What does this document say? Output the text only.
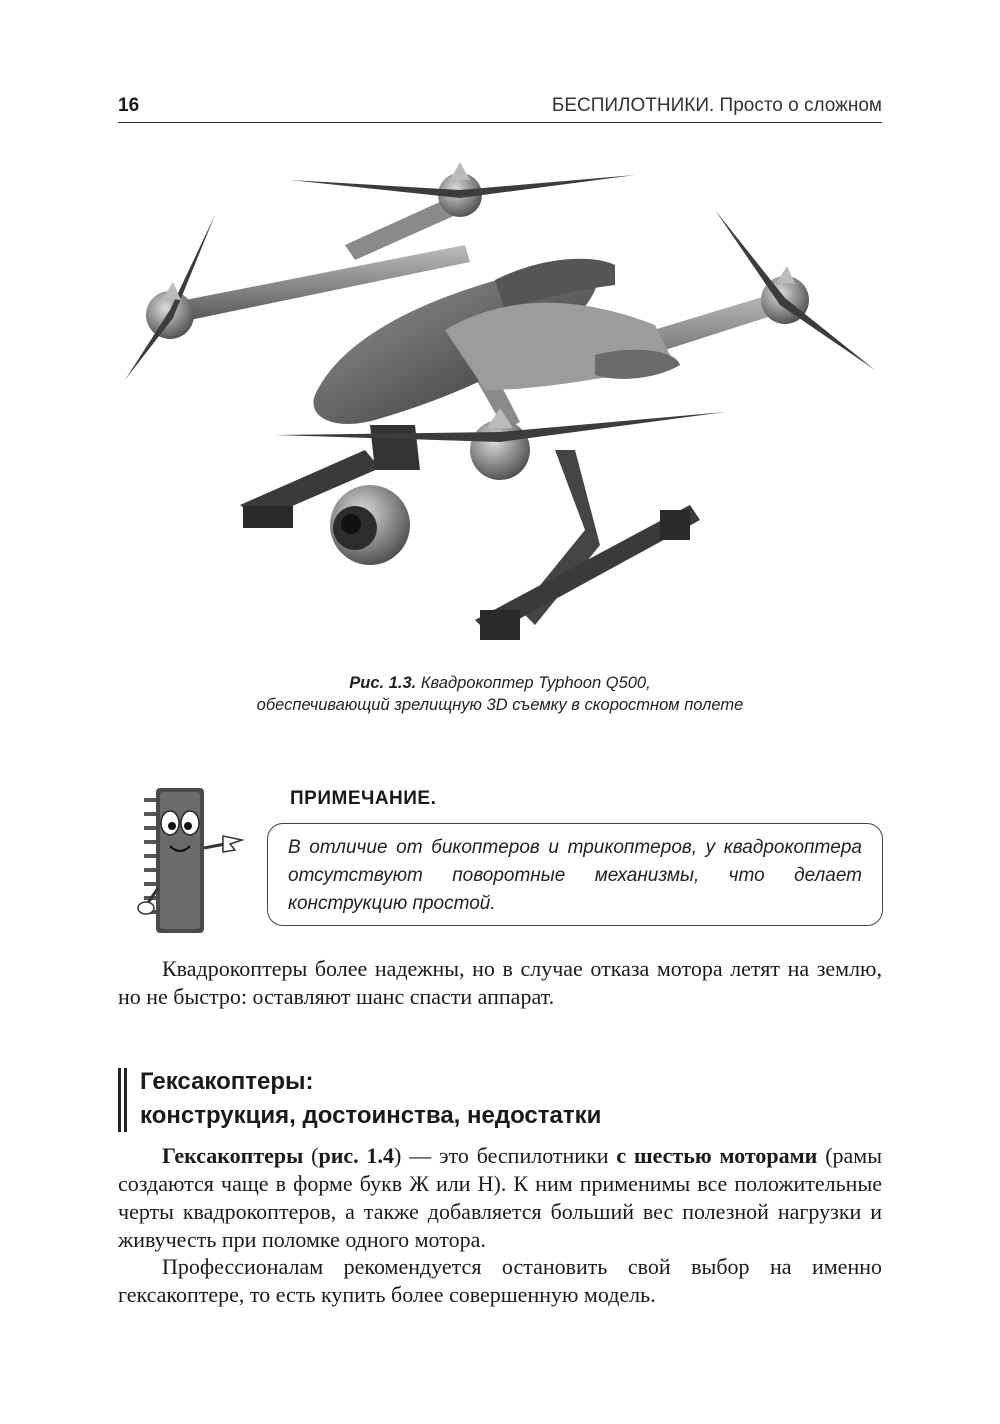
16	БЕСПИЛОТНИКИ. Просто о сложном
Рис. 1.3. Квадрокоптер Typhoon Q500,
обеспечивающий зрелищную 3D съемку в скоростном полете
ПРИМЕЧАНИЕ.
В отличие от бикоптеров и трикоптеров, у квадрокоптера отсутствуют поворотные механизмы, что делает конструкцию простой.
Квадрокоптеры более надежны, но в случае отказа мотора летят на землю, но не быстро: оставляют шанс спасти аппарат.
Гексакоптеры:
конструкция, достоинства, недостатки
Гексакоптеры (рис. 1.4) — это беспилотники с шестью моторами (рамы создаются чаще в форме букв Ж или Н). К ним применимы все положительные черты квадрокоптеров, а также добавляется больший вес полезной нагрузки и живучесть при поломке одного мотора.
Профессионалам рекомендуется остановить свой выбор на именно гексакоптере, то есть купить более совершенную модель.
